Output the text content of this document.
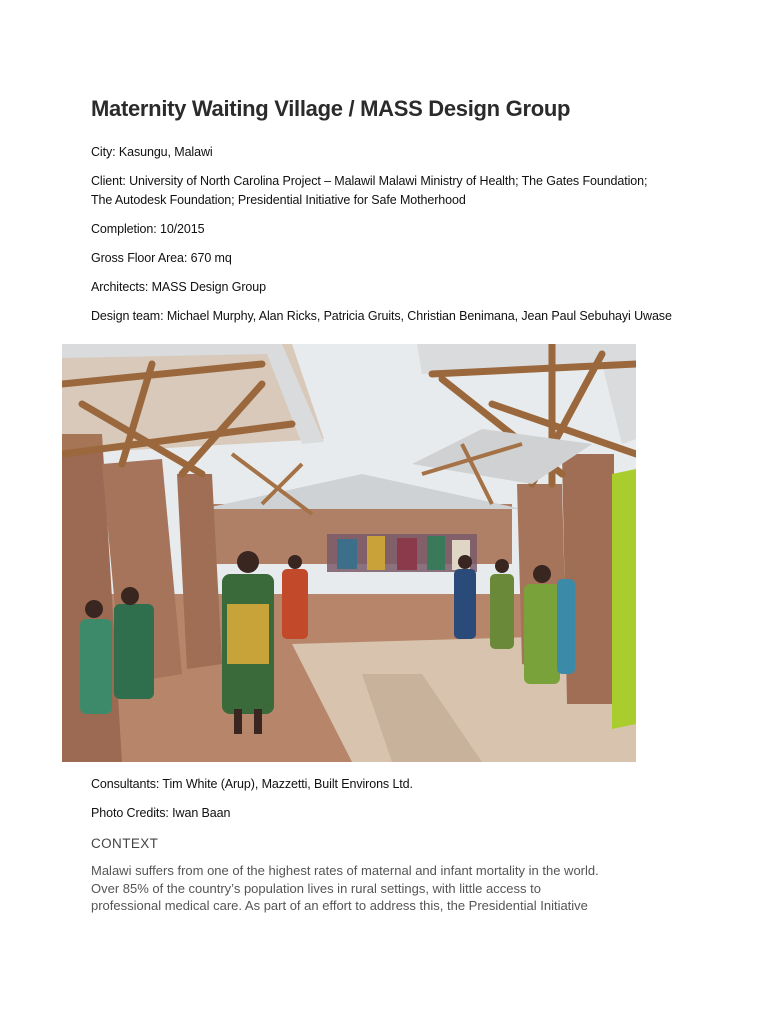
Maternity Waiting Village / MASS Design Group

City: Kasungu, Malawi

Client: University of North Carolina Project – Malawil Malawi Ministry of Health; The Gates Foundation;
The Autodesk Foundation; Presidential Initiative for Safe Motherhood

Completion: 10/2015

Gross Floor Area: 670 mq

Architects: MASS Design Group

Design team: Michael Murphy, Alan Ricks, Patricia Gruits, Christian Benimana, Jean Paul Sebuhayi Uwase

Consultants: Tim White (Arup), Mazzetti, Built Environs Ltd.

Photo Credits: Iwan Baan

CONTEXT

Malawi suffers from one of the highest rates of maternal and infant mortality in the world.
Over 85% of the country’s population lives in rural settings, with little access to
professional medical care. As part of an effort to address this, the Presidential Initiative
